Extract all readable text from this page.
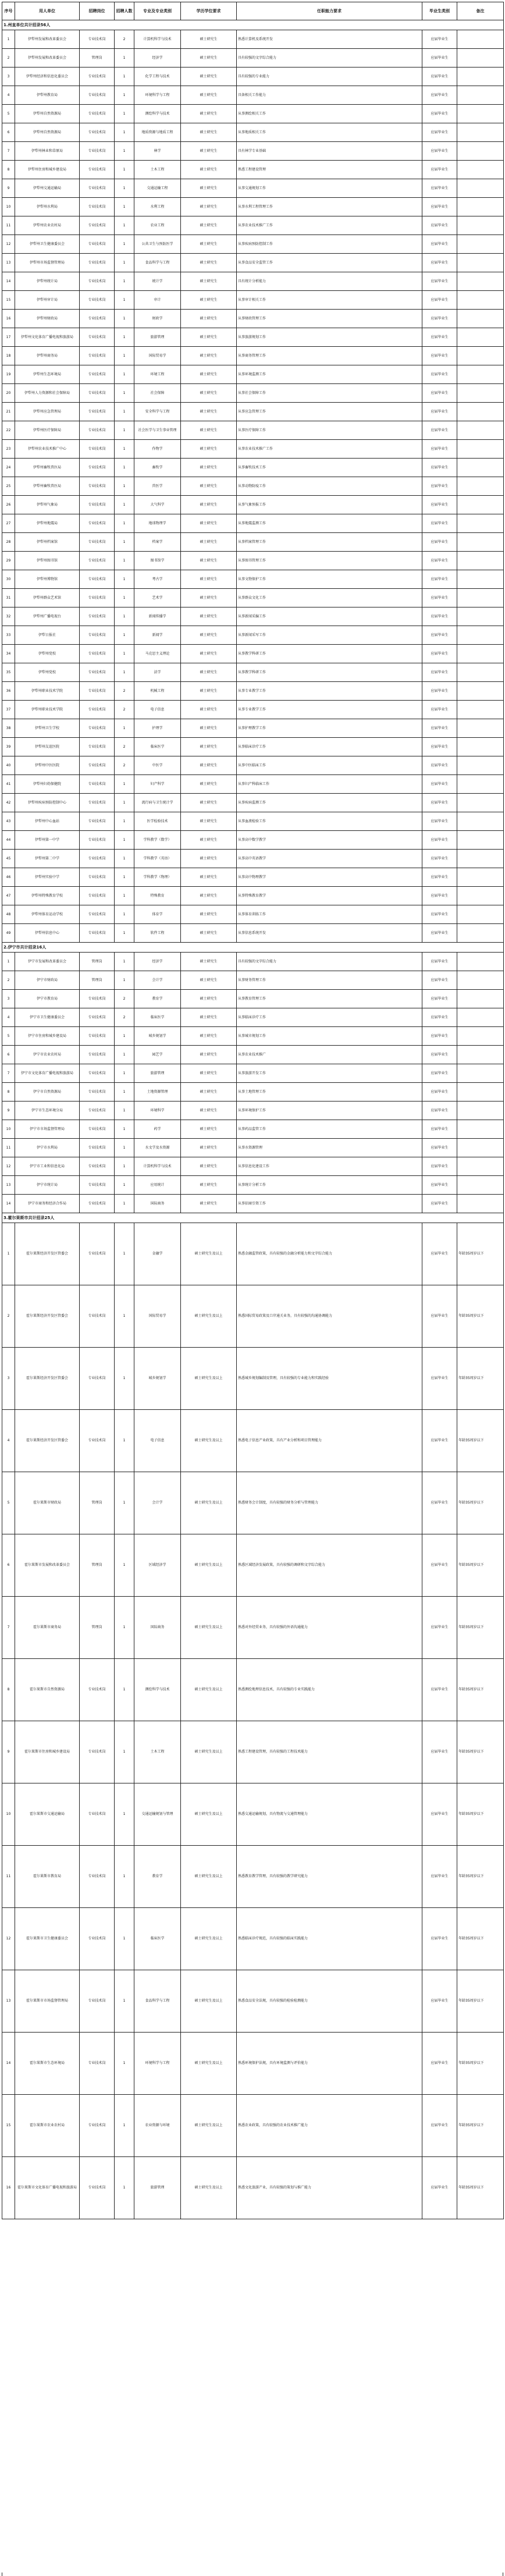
序号	用人单位	招聘岗位	招聘人数	专业及专业类别	学历学位要求	任职能力要求	毕业生类别	备注
1.州直单位共计招录56人								
1	伊犁州发展和改革委员会	专业技术岗	2	计算机科学与技术	硕士研究生	熟悉计算机及系统开发	应届毕业生	
2	伊犁州发展和改革委员会	管理岗	1	经济学	硕士研究生	具有较强的文字综合能力	应届毕业生	
3	伊犁州经济和信息化委员会	专业技术岗	1	化学工程与技术	硕士研究生	具有较强的专业能力	应届毕业生	
4	伊犁州教育局	专业技术岗	1	环境科学与工程	硕士研究生	具备相关工作能力	应届毕业生	
5	伊犁州自然资源局	专业技术岗	1	测绘科学与技术	硕士研究生	从事测绘相关工作	应届毕业生	
6	伊犁州自然资源局	专业技术岗	1	地质资源与地质工程	硕士研究生	从事地质相关工作	应届毕业生	
7	伊犁州林业和草原局	专业技术岗	1	林学	硕士研究生	具有林学专业基础	应届毕业生	
8	伊犁州住房和城乡建设局	专业技术岗	1	土木工程	硕士研究生	熟悉工程建设管理	应届毕业生	
9	伊犁州交通运输局	专业技术岗	1	交通运输工程	硕士研究生	从事交通规划工作	应届毕业生	
10	伊犁州水利局	专业技术岗	1	水利工程	硕士研究生	从事水利工程管理工作	应届毕业生	
11	伊犁州农业农村局	专业技术岗	1	农业工程	硕士研究生	从事农业技术推广工作	应届毕业生	
12	伊犁州卫生健康委员会	专业技术岗	1	公共卫生与预防医学	硕士研究生	从事疾病预防控制工作	应届毕业生	
13	伊犁州市场监督管理局	专业技术岗	1	食品科学与工程	硕士研究生	从事食品安全监管工作	应届毕业生	
14	伊犁州统计局	专业技术岗	1	统计学	硕士研究生	具有统计分析能力	应届毕业生	
15	伊犁州审计局	专业技术岗	1	审计	硕士研究生	从事审计相关工作	应届毕业生	
16	伊犁州财政局	专业技术岗	1	财政学	硕士研究生	从事财政管理工作	应届毕业生	
17	伊犁州文化体育广播电视和旅游局	专业技术岗	1	旅游管理	硕士研究生	从事旅游规划工作	应届毕业生	
18	伊犁州商务局	专业技术岗	1	国际贸易学	硕士研究生	从事商务管理工作	应届毕业生	
19	伊犁州生态环境局	专业技术岗	1	环境工程	硕士研究生	从事环境监测工作	应届毕业生	
20	伊犁州人力资源和社会保障局	专业技术岗	1	社会保障	硕士研究生	从事社会保障工作	应届毕业生	
21	伊犁州应急管理局	专业技术岗	1	安全科学与工程	硕士研究生	从事应急管理工作	应届毕业生	
22	伊犁州医疗保障局	专业技术岗	1	社会医学与卫生事业管理	硕士研究生	从事医疗保障工作	应届毕业生	
23	伊犁州农业技术推广中心	专业技术岗	1	作物学	硕士研究生	从事农业技术推广工作	应届毕业生	
24	伊犁州畜牧兽医局	专业技术岗	1	畜牧学	硕士研究生	从事畜牧技术工作	应届毕业生	
25	伊犁州畜牧兽医局	专业技术岗	1	兽医学	硕士研究生	从事动物防疫工作	应届毕业生	
26	伊犁州气象局	专业技术岗	1	大气科学	硕士研究生	从事气象预报工作	应届毕业生	
27	伊犁州地震局	专业技术岗	1	地球物理学	硕士研究生	从事地震监测工作	应届毕业生	
28	伊犁州档案馆	专业技术岗	1	档案学	硕士研究生	从事档案管理工作	应届毕业生	
29	伊犁州图书馆	专业技术岗	1	图书馆学	硕士研究生	从事图书管理工作	应届毕业生	
30	伊犁州博物馆	专业技术岗	1	考古学	硕士研究生	从事文物保护工作	应届毕业生	
31	伊犁州群众艺术馆	专业技术岗	1	艺术学	硕士研究生	从事群众文化工作	应届毕业生	
32	伊犁州广播电视台	专业技术岗	1	新闻传播学	硕士研究生	从事新闻采编工作	应届毕业生	
33	伊犁日报社	专业技术岗	1	新闻学	硕士研究生	从事新闻采写工作	应届毕业生	
34	伊犁州党校	专业技术岗	1	马克思主义理论	硕士研究生	从事教学科研工作	应届毕业生	
35	伊犁州党校	专业技术岗	1	法学	硕士研究生	从事教学科研工作	应届毕业生	
36	伊犁州职业技术学院	专业技术岗	2	机械工程	硕士研究生	从事专业教学工作	应届毕业生	
37	伊犁州职业技术学院	专业技术岗	2	电子信息	硕士研究生	从事专业教学工作	应届毕业生	
38	伊犁州卫生学校	专业技术岗	1	护理学	硕士研究生	从事护理教学工作	应届毕业生	
39	伊犁州友谊医院	专业技术岗	2	临床医学	硕士研究生	从事临床诊疗工作	应届毕业生	
40	伊犁州中医医院	专业技术岗	2	中医学	硕士研究生	从事中医临床工作	应届毕业生	
41	伊犁州妇幼保健院	专业技术岗	1	妇产科学	硕士研究生	从事妇产科临床工作	应届毕业生	
42	伊犁州疾病预防控制中心	专业技术岗	1	流行病与卫生统计学	硕士研究生	从事疾病监测工作	应届毕业生	
43	伊犁州中心血站	专业技术岗	1	医学检验技术	硕士研究生	从事血液检验工作	应届毕业生	
44	伊犁州第一中学	专业技术岗	1	学科教学（数学）	硕士研究生	从事高中数学教学	应届毕业生	
45	伊犁州第二中学	专业技术岗	1	学科教学（英语）	硕士研究生	从事高中英语教学	应届毕业生	
46	伊犁州实验中学	专业技术岗	1	学科教学（物理）	硕士研究生	从事高中物理教学	应届毕业生	
47	伊犁州特殊教育学校	专业技术岗	1	特殊教育	硕士研究生	从事特殊教育教学	应届毕业生	
48	伊犁州体育运动学校	专业技术岗	1	体育学	硕士研究生	从事体育训练工作	应届毕业生	
49	伊犁州信息中心	专业技术岗	1	软件工程	硕士研究生	从事信息系统开发	应届毕业生	
2.伊宁市共计招录16人								
1	伊宁市发展和改革委员会	管理岗	1	经济学	硕士研究生	具有较强的文字综合能力	应届毕业生	
2	伊宁市财政局	管理岗	1	会计学	硕士研究生	从事财务管理工作	应届毕业生	
3	伊宁市教育局	专业技术岗	2	教育学	硕士研究生	从事教育管理工作	应届毕业生	
4	伊宁市卫生健康委员会	专业技术岗	2	临床医学	硕士研究生	从事临床诊疗工作	应届毕业生	
5	伊宁市住房和城乡建设局	专业技术岗	1	城乡规划学	硕士研究生	从事城市规划工作	应届毕业生	
6	伊宁市农业农村局	专业技术岗	1	园艺学	硕士研究生	从事农业技术推广	应届毕业生	
7	伊宁市文化体育广播电视和旅游局	专业技术岗	1	旅游管理	硕士研究生	从事旅游开发工作	应届毕业生	
8	伊宁市自然资源局	专业技术岗	1	土地资源管理	硕士研究生	从事土地管理工作	应届毕业生	
9	伊宁市生态环境分局	专业技术岗	1	环境科学	硕士研究生	从事环境保护工作	应届毕业生	
10	伊宁市市场监督管理局	专业技术岗	1	药学	硕士研究生	从事药品监管工作	应届毕业生	
11	伊宁市水利局	专业技术岗	1	水文学及水资源	硕士研究生	从事水资源管理	应届毕业生	
12	伊宁市工业和信息化局	专业技术岗	1	计算机科学与技术	硕士研究生	从事信息化建设工作	应届毕业生	
13	伊宁市统计局	专业技术岗	1	应用统计	硕士研究生	从事统计分析工作	应届毕业生	
14	伊宁市商务和经济合作局	专业技术岗	1	国际商务	硕士研究生	从事招商引资工作	应届毕业生	
3.霍尔果斯市共计招录25人								
1	霍尔果斯经济开发区管委会	专业技术岗	1	金融学	硕士研究生及以上	熟悉金融监管政策，具有较强的金融分析能力和文字综合能力	应届毕业生	年龄35周岁以下
2	霍尔果斯经济开发区管委会	专业技术岗	1	国际贸易学	硕士研究生及以上	熟悉国际贸易政策及口岸通关业务，具有较强的沟通协调能力	应届毕业生	年龄35周岁以下
3	霍尔果斯经济开发区管委会	专业技术岗	1	城乡规划学	硕士研究生及以上	熟悉城乡规划编制及管理，具有较强的专业能力和实践经验	应届毕业生	年龄35周岁以下
4	霍尔果斯经济开发区管委会	专业技术岗	1	电子信息	硕士研究生及以上	熟悉电子信息产业政策，具有产业分析和项目管理能力	应届毕业生	年龄35周岁以下
5	霍尔果斯市财政局	管理岗	1	会计学	硕士研究生及以上	熟悉财务会计制度，具有较强的财务分析与管理能力	应届毕业生	年龄35周岁以下
6	霍尔果斯市发展和改革委员会	管理岗	1	区域经济学	硕士研究生及以上	熟悉区域经济发展政策，具有较强的调研和文字综合能力	应届毕业生	年龄35周岁以下
7	霍尔果斯市商务局	管理岗	1	国际商务	硕士研究生及以上	熟悉对外经贸业务，具有较强的外语沟通能力	应届毕业生	年龄35周岁以下
8	霍尔果斯市自然资源局	专业技术岗	1	测绘科学与技术	硕士研究生及以上	熟悉测绘地理信息技术，具有较强的专业实践能力	应届毕业生	年龄35周岁以下
9	霍尔果斯市住房和城乡建设局	专业技术岗	1	土木工程	硕士研究生及以上	熟悉工程建设管理，具有较强的工程技术能力	应届毕业生	年龄35周岁以下
10	霍尔果斯市交通运输局	专业技术岗	1	交通运输规划与管理	硕士研究生及以上	熟悉交通运输规划，具有物流与交通管理能力	应届毕业生	年龄35周岁以下
11	霍尔果斯市教育局	专业技术岗	1	教育学	硕士研究生及以上	熟悉教育教学管理，具有较强的教学研究能力	应届毕业生	年龄35周岁以下
12	霍尔果斯市卫生健康委员会	专业技术岗	1	临床医学	硕士研究生及以上	熟悉临床诊疗规范，具有较强的临床实践能力	应届毕业生	年龄35周岁以下
13	霍尔果斯市市场监督管理局	专业技术岗	1	食品科学与工程	硕士研究生及以上	熟悉食品安全法规，具有较强的检验检测能力	应届毕业生	年龄35周岁以下
14	霍尔果斯市生态环境局	专业技术岗	1	环境科学与工程	硕士研究生及以上	熟悉环境保护法规，具有环境监测与评价能力	应届毕业生	年龄35周岁以下
15	霍尔果斯市农业农村局	专业技术岗	1	农业资源与环境	硕士研究生及以上	熟悉农业政策，具有较强的农业技术推广能力	应届毕业生	年龄35周岁以下
16	霍尔果斯市文化体育广播电视和旅游局	专业技术岗	1	旅游管理	硕士研究生及以上	熟悉文化旅游产业，具有较强的策划与推广能力	应届毕业生	年龄35周岁以下
